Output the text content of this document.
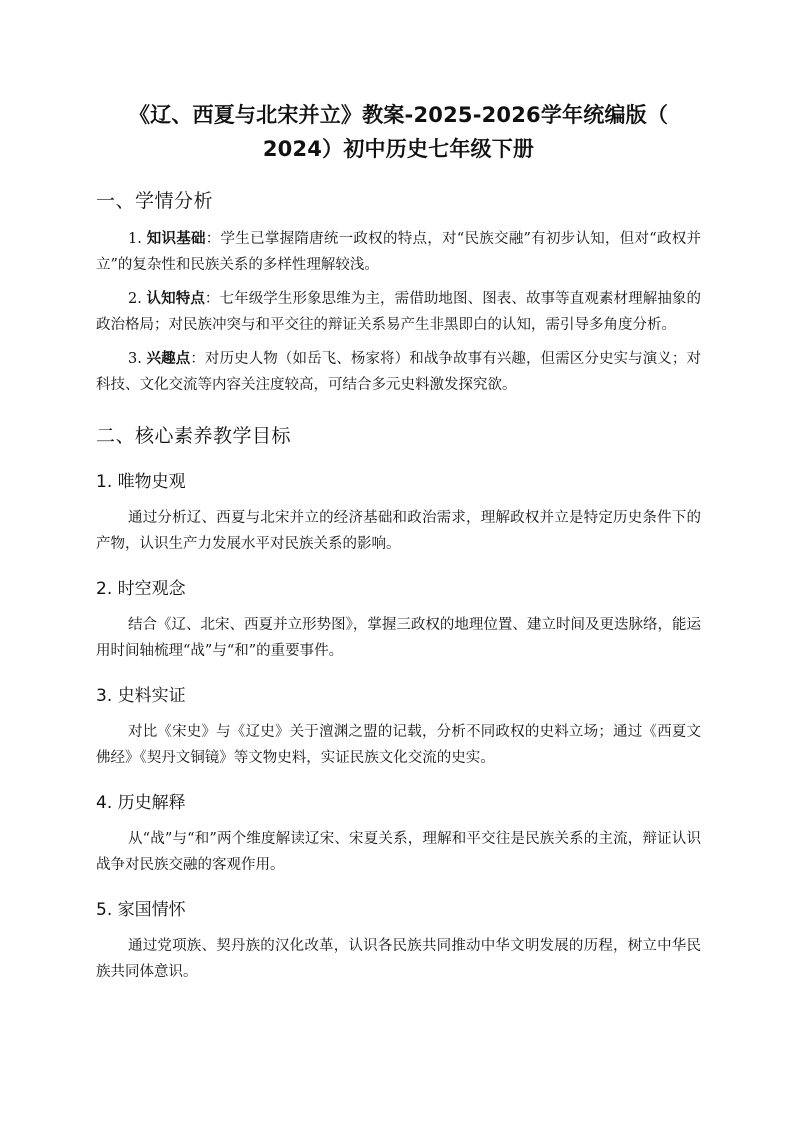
《辽、西夏与北宋并立》教案-2025-2026学年统编版（
2024）初中历史七年级下册
一、学情分析

1. 知识基础：学生已掌握隋唐统一政权的特点，对“民族交融”有初步认知，但对“政权并立”的复杂性和民族关系的多样性理解较浅。

2. 认知特点：七年级学生形象思维为主，需借助地图、图表、故事等直观素材理解抽象的政治格局；对民族冲突与和平交往的辩证关系易产生非黑即白的认知，需引导多角度分析。

3. 兴趣点：对历史人物（如岳飞、杨家将）和战争故事有兴趣，但需区分史实与演义；对科技、文化交流等内容关注度较高，可结合多元史料激发探究欲。

二、核心素养教学目标
1. 唯物史观

通过分析辽、西夏与北宋并立的经济基础和政治需求，理解政权并立是特定历史条件下的产物，认识生产力发展水平对民族关系的影响。

2. 时空观念

结合《辽、北宋、西夏并立形势图》，掌握三政权的地理位置、建立时间及更迭脉络，能运用时间轴梳理“战”与“和”的重要事件。

3. 史料实证

对比《宋史》与《辽史》关于澶渊之盟的记载，分析不同政权的史料立场；通过《西夏文佛经》《契丹文铜镜》等文物史料，实证民族文化交流的史实。

4. 历史解释

从“战”与“和”两个维度解读辽宋、宋夏关系，理解和平交往是民族关系的主流，辩证认识战争对民族交融的客观作用。

5. 家国情怀

通过党项族、契丹族的汉化改革，认识各民族共同推动中华文明发展的历程，树立中华民族共同体意识。
